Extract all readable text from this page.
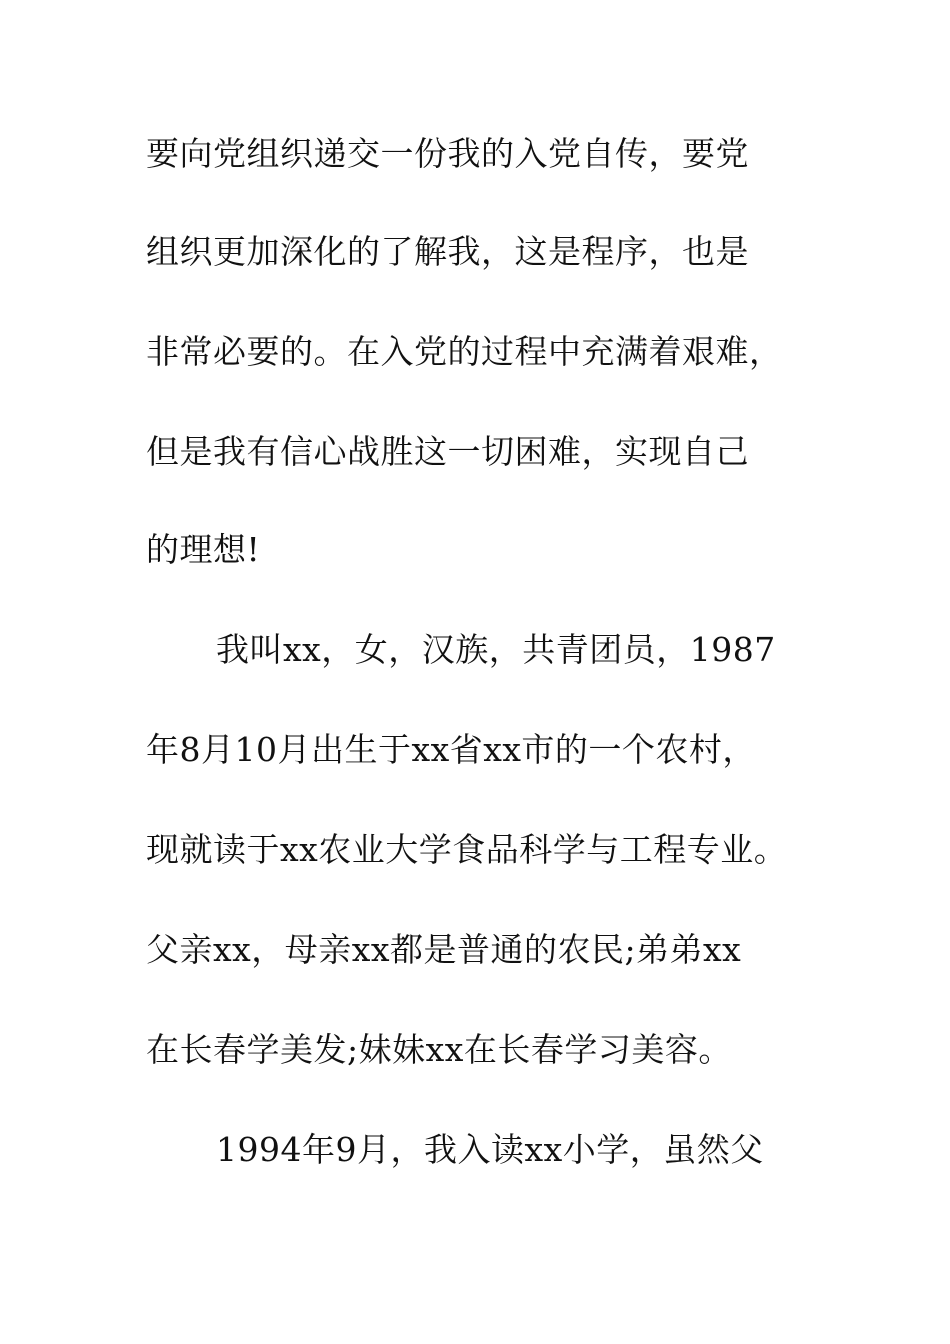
要向党组织递交一份我的入党自传，要党
组织更加深化的了解我，这是程序，也是
非常必要的。在入党的过程中充满着艰难，
但是我有信心战胜这一切困难，实现自己
的理想!
我叫xx，女，汉族，共青团员，1987
年8月10月出生于xx省xx市的一个农村，
现就读于xx农业大学食品科学与工程专业。
父亲xx，母亲xx都是普通的农民;弟弟xx
在长春学美发;妹妹xx在长春学习美容。
1994年9月，我入读xx小学，虽然父
